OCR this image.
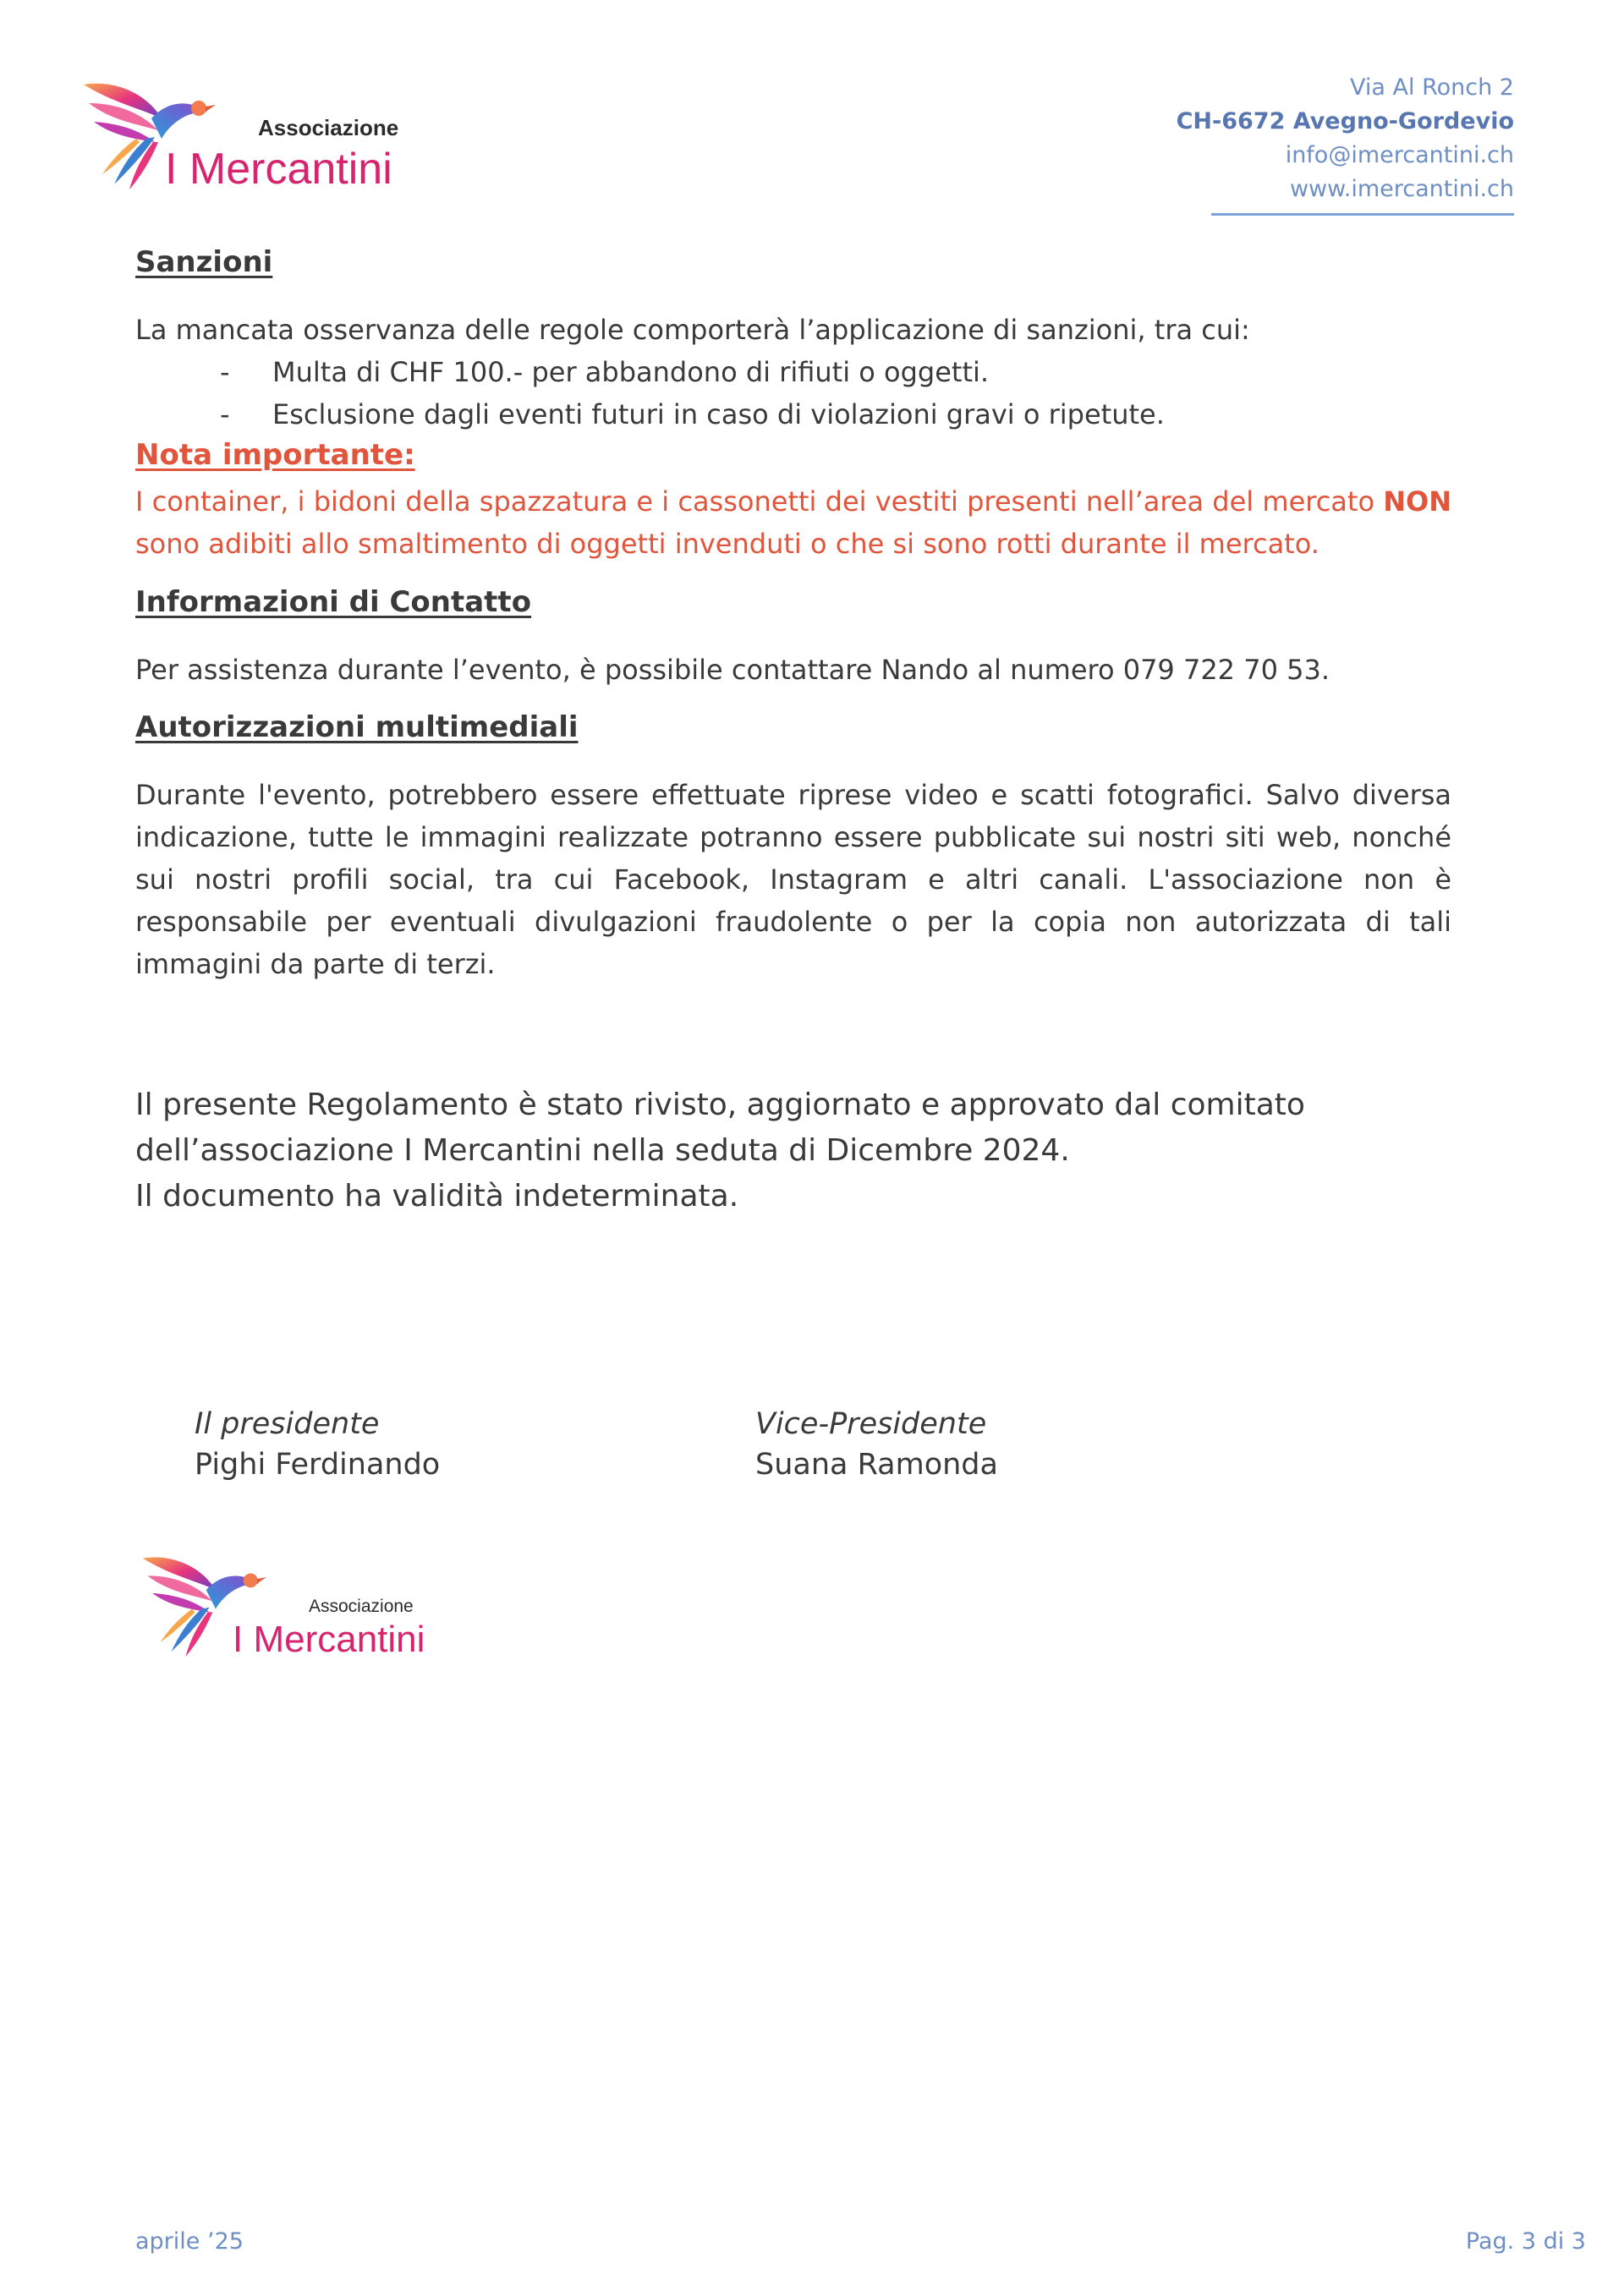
Associazione
I Mercantini
Via Al Ronch 2
CH-6672 Avegno-Gordevio
info@imercantini.ch
www.imercantini.ch
Sanzioni
La mancata osservanza delle regole comporterà l’applicazione di sanzioni, tra cui:
- Multa di CHF 100.- per abbandono di rifiuti o oggetti.
- Esclusione dagli eventi futuri in caso di violazioni gravi o ripetute.
Nota importante:
I container, i bidoni della spazzatura e i cassonetti dei vestiti presenti nell’area del mercato NON sono adibiti allo smaltimento di oggetti invenduti o che si sono rotti durante il mercato.
Informazioni di Contatto
Per assistenza durante l’evento, è possibile contattare Nando al numero 079 722 70 53.
Autorizzazioni multimediali
Durante l'evento, potrebbero essere effettuate riprese video e scatti fotografici. Salvo diversa indicazione, tutte le immagini realizzate potranno essere pubblicate sui nostri siti web, nonché sui nostri profili social, tra cui Facebook, Instagram e altri canali. L'associazione non è responsabile per eventuali divulgazioni fraudolente o per la copia non autorizzata di tali immagini da parte di terzi.
Il presente Regolamento è stato rivisto, aggiornato e approvato dal comitato dell’associazione I Mercantini nella seduta di Dicembre 2024.
Il documento ha validità indeterminata.
Il presidente
Pighi Ferdinando
Vice-Presidente
Suana Ramonda
Associazione
I Mercantini
aprile ’25	Pag. 3 di 3
